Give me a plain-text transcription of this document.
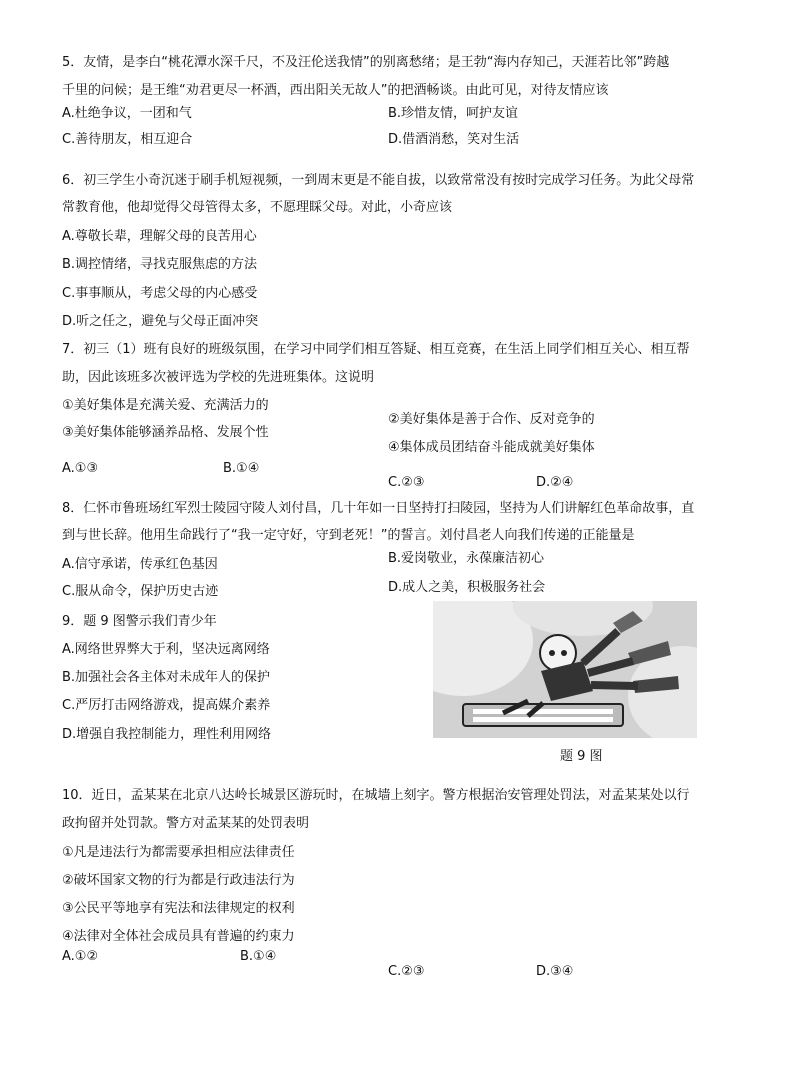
5．友情，是李白“桃花潭水深千尺，不及汪伦送我情”的别离愁绪；是王勃“海内存知己，天涯若比邻”跨越
千里的问候；是王维“劝君更尽一杯酒，西出阳关无故人”的把酒畅谈。由此可见，对待友情应该
A.杜绝争议，一团和气	B.珍惜友情，呵护友谊
C.善待朋友，相互迎合	D.借酒消愁，笑对生活
6．初三学生小奇沉迷于刷手机短视频，一到周末更是不能自拔，以致常常没有按时完成学习任务。为此父母常
常教育他，他却觉得父母管得太多，不愿理睬父母。对此，小奇应该
A.尊敬长辈，理解父母的良苦用心
B.调控情绪，寻找克服焦虑的方法
C.事事顺从，考虑父母的内心感受
D.听之任之，避免与父母正面冲突
7．初三（1）班有良好的班级氛围，在学习中同学们相互答疑、相互竞赛，在生活上同学们相互关心、相互帮
助，因此该班多次被评选为学校的先进班集体。这说明
①美好集体是充满关爱、充满活力的
②美好集体是善于合作、反对竞争的
③美好集体能够涵养品格、发展个性
④集体成员团结奋斗能成就美好集体
A.①③	B.①④
C.②③	D.②④
8．仁怀市鲁班场红军烈士陵园守陵人刘付昌，几十年如一日坚持打扫陵园，坚持为人们讲解红色革命故事，直
到与世长辞。他用生命践行了“我一定守好，守到老死！”的誓言。刘付昌老人向我们传递的正能量是
A.信守承诺，传承红色基因	B.爱岗敬业，永葆廉洁初心
C.服从命令，保护历史古迹	D.成人之美，积极服务社会
9．题 9 图警示我们青少年
A.网络世界弊大于利，坚决远离网络
B.加强社会各主体对未成年人的保护
C.严厉打击网络游戏，提高媒介素养
D.增强自我控制能力，理性利用网络
题 9 图
10．近日，孟某某在北京八达岭长城景区游玩时，在城墙上刻字。警方根据治安管理处罚法，对孟某某处以行
政拘留并处罚款。警方对孟某某的处罚表明
①凡是违法行为都需要承担相应法律责任
②破坏国家文物的行为都是行政违法行为
③公民平等地享有宪法和法律规定的权利
④法律对全体社会成员具有普遍的约束力
A.①②	B.①④
C.②③	D.③④
